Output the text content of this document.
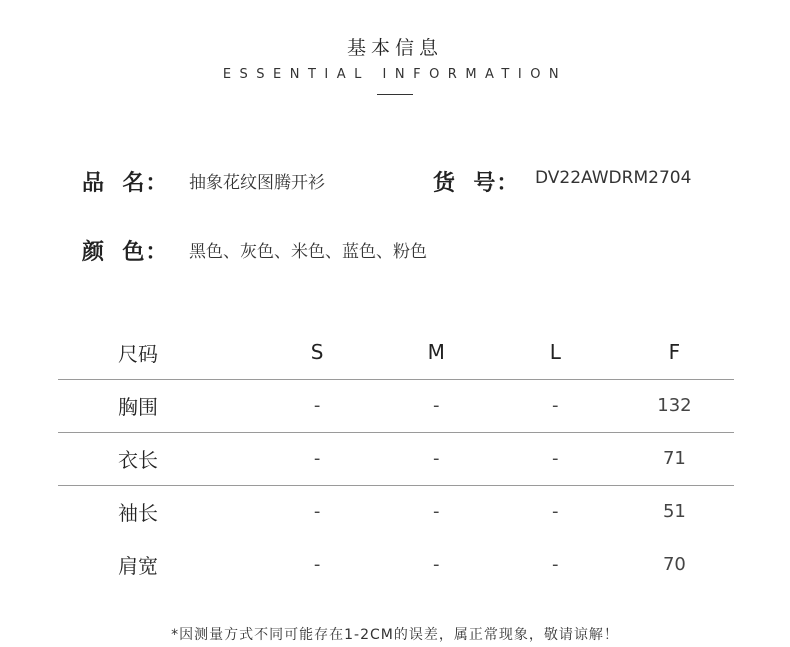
基本信息
ESSENTIAL INFORMATION
品  名： 抽象花纹图腾开衫	货  号： DV22AWDRM2704
颜  色： 黑色、灰色、米色、蓝色、粉色
尺码	S	M	L	F
胸围	-	-	-	132
衣长	-	-	-	71
袖长	-	-	-	51
肩宽	-	-	-	70
*因测量方式不同可能存在1-2CM的误差，属正常现象，敬请谅解！
